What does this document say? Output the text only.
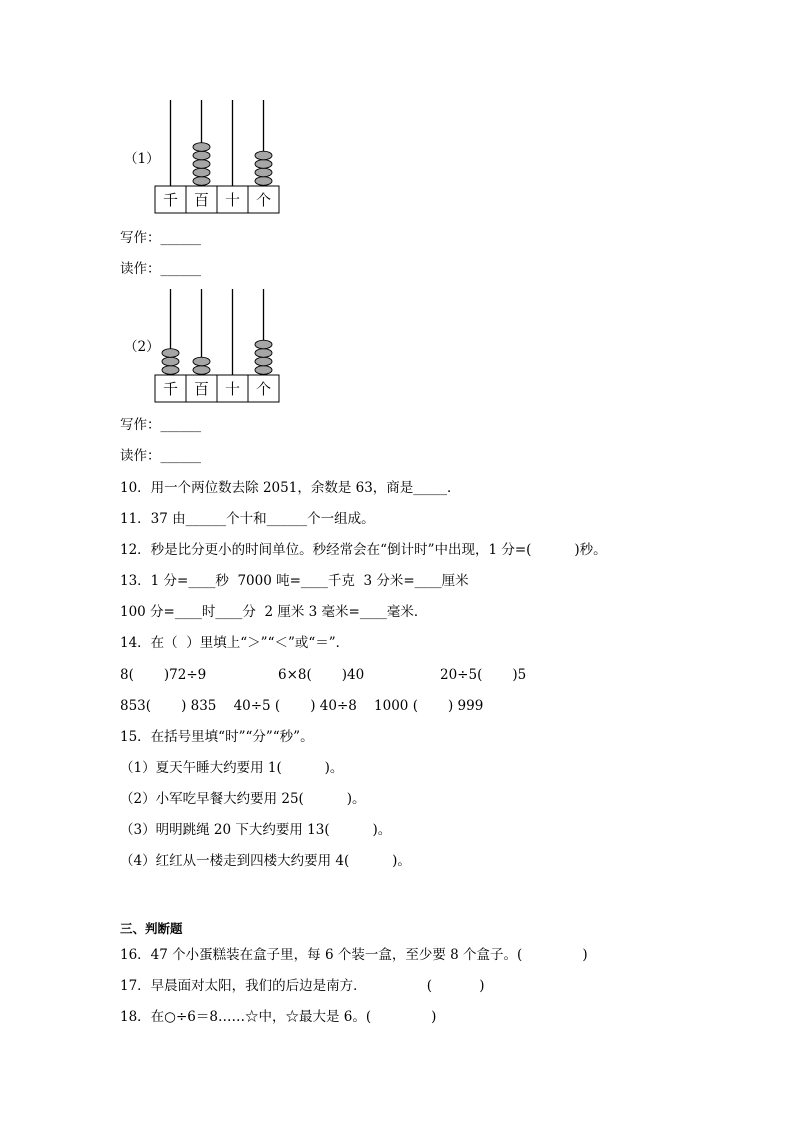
（1）
千 百 十 个
写作：______
读作：______
（2）
千 百 十 个
写作：______
读作：______
10．用一个两位数去除 2051，余数是 63，商是_____．
11．37 由______个十和______个一组成。
12．秒是比分更小的时间单位。秒经常会在“倒计时”中出现，1 分=(          )秒。
13．1 分=____秒  7000 吨=____千克  3 分米=____厘米
100 分=____时____分  2 厘米 3 毫米=____毫米．
14．在（  ）里填上“＞”“＜”或“＝”．
8(       )72÷9	6×8(       )40	20÷5(       )5
853(       ) 835    40÷5 (       ) 40÷8    1000 (       ) 999
15．在括号里填“时”“分”“秒”。
（1）夏天午睡大约要用 1(          )。
（2）小军吃早餐大约要用 25(          )。
（3）明明跳绳 20 下大约要用 13(          )。
（4）红红从一楼走到四楼大约要用 4(          )。
三、判断题
16．47 个小蛋糕装在盒子里，每 6 个装一盒，至少要 8 个盒子。(              )
17．早晨面对太阳，我们的后边是南方．              (           )
18．在○÷6＝8……☆中，☆最大是 6。(              )
